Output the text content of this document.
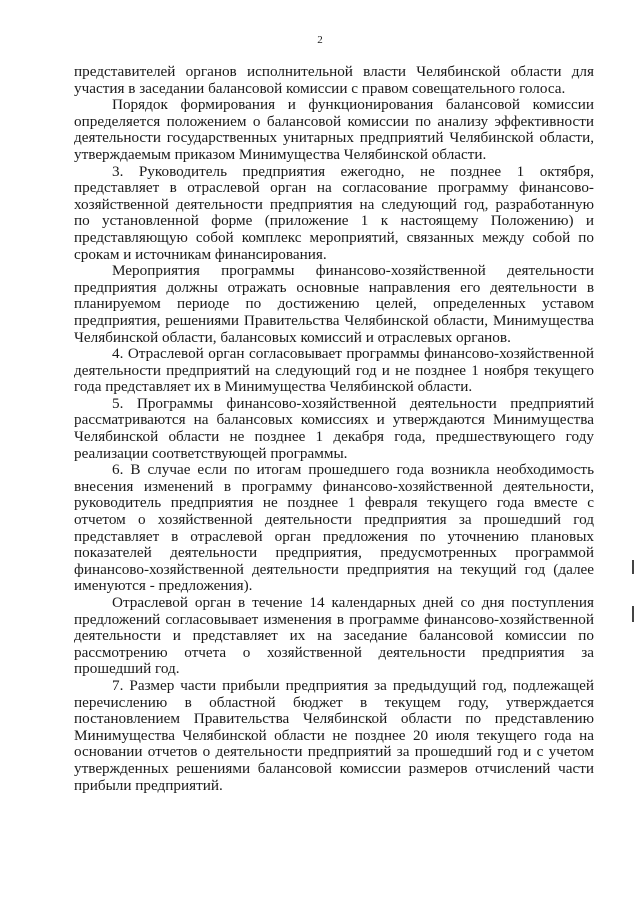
2

представителей органов исполнительной власти Челябинской области для участия в заседании балансовой комиссии с правом совещательного голоса.

Порядок формирования и функционирования балансовой комиссии определяется положением о балансовой комиссии по анализу эффективности деятельности государственных унитарных предприятий Челябинской области, утверждаемым приказом Минимущества Челябинской области.

3. Руководитель предприятия ежегодно, не позднее 1 октября, представляет в отраслевой орган на согласование программу финансово-хозяйственной деятельности предприятия на следующий год, разработанную по установленной форме (приложение 1 к настоящему Положению) и представляющую собой комплекс мероприятий, связанных между собой по срокам и источникам финансирования.

Мероприятия программы финансово-хозяйственной деятельности предприятия должны отражать основные направления его деятельности в планируемом периоде по достижению целей, определенных уставом предприятия, решениями Правительства Челябинской области, Минимущества Челябинской области, балансовых комиссий и отраслевых органов.

4. Отраслевой орган согласовывает программы финансово-хозяйственной деятельности предприятий на следующий год и не позднее 1 ноября текущего года представляет их в Минимущества Челябинской области.

5. Программы финансово-хозяйственной деятельности предприятий рассматриваются на балансовых комиссиях и утверждаются Минимущества Челябинской области не позднее 1 декабря года, предшествующего году реализации соответствующей программы.

6. В случае если по итогам прошедшего года возникла необходимость внесения изменений в программу финансово-хозяйственной деятельности, руководитель предприятия не позднее 1 февраля текущего года вместе с отчетом о хозяйственной деятельности предприятия за прошедший год представляет в отраслевой орган предложения по уточнению плановых показателей деятельности предприятия, предусмотренных программой финансово-хозяйственной деятельности предприятия на текущий год (далее именуются - предложения).

Отраслевой орган в течение 14 календарных дней со дня поступления предложений согласовывает изменения в программе финансово-хозяйственной деятельности и представляет их на заседание балансовой комиссии по рассмотрению отчета о хозяйственной деятельности предприятия за прошедший год.

7. Размер части прибыли предприятия за предыдущий год, подлежащей перечислению в областной бюджет в текущем году, утверждается постановлением Правительства Челябинской области по представлению Минимущества Челябинской области не позднее 20 июля текущего года на основании отчетов о деятельности предприятий за прошедший год и с учетом утвержденных решениями балансовой комиссии размеров отчислений части прибыли предприятий.
